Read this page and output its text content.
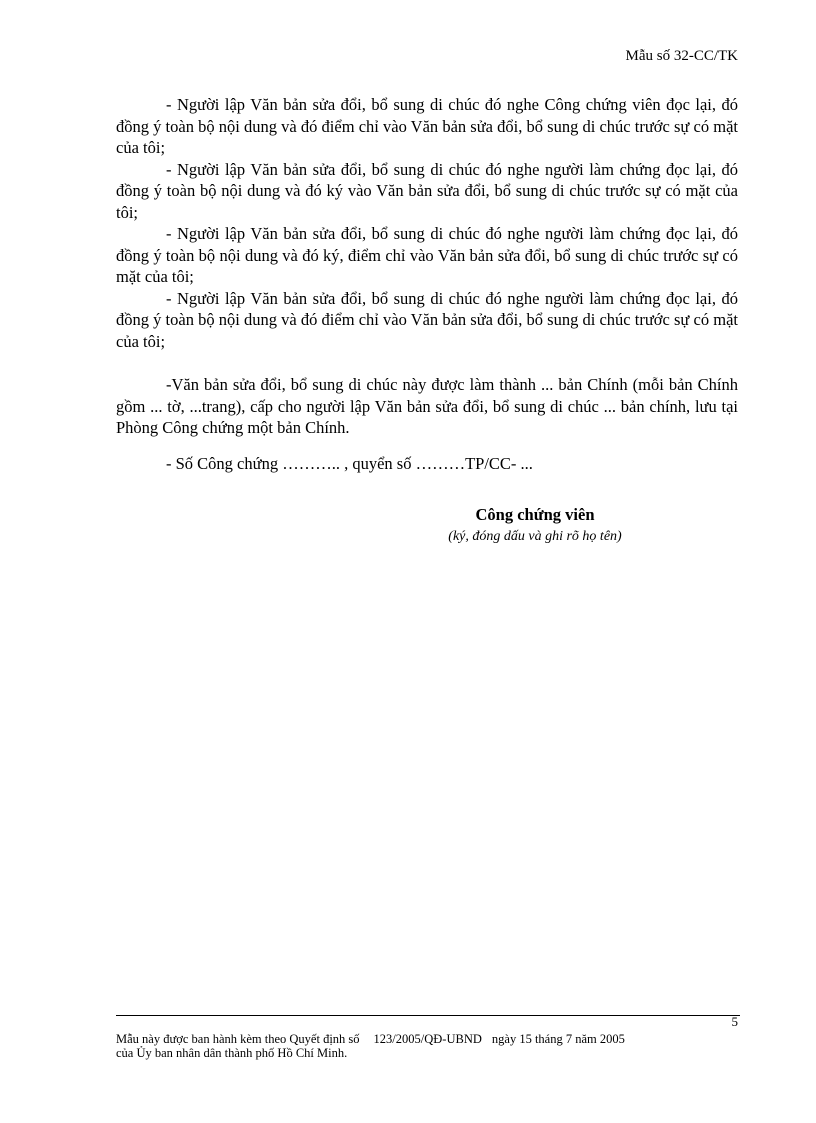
Mẫu số 32-CC/TK

- Người lập Văn bản sửa đổi, bổ sung di chúc đó nghe Công chứng viên đọc lại, đó đồng ý toàn bộ nội dung và đó điểm chỉ vào Văn bản sửa đổi, bổ sung di chúc trước sự có mặt của tôi;

- Người lập Văn bản sửa đổi, bổ sung di chúc đó nghe người làm chứng đọc lại, đó đồng ý toàn bộ nội dung và đó ký vào Văn bản sửa đổi, bổ sung di chúc trước sự có mặt của tôi;

- Người lập Văn bản sửa đổi, bổ sung di chúc đó nghe người làm chứng đọc lại, đó đồng ý toàn bộ nội dung và đó ký, điểm chỉ vào Văn bản sửa đổi, bổ sung di chúc trước sự có mặt của tôi;

- Người lập Văn bản sửa đổi, bổ sung di chúc đó nghe người làm chứng đọc lại, đó đồng ý toàn bộ nội dung và đó điểm chỉ vào Văn bản sửa đổi, bổ sung di chúc trước sự có mặt của tôi;

-Văn bản sửa đổi, bổ sung di chúc này được làm thành ... bản Chính (mỗi bản Chính gồm ... tờ, ...trang), cấp cho người lập Văn bản sửa đổi, bổ sung di chúc ... bản chính, lưu tại Phòng Công chứng một bản Chính.

- Số Công chứng ……….. , quyển số ………TP/CC- ...

Công chứng viên
(ký, đóng dấu và ghi rõ họ tên)
5
Mẫu này được ban hành kèm theo Quyết định số 123/2005/QĐ-UBND ngày 15 tháng 7 năm 2005
của Ủy ban nhân dân thành phố Hồ Chí Minh.
